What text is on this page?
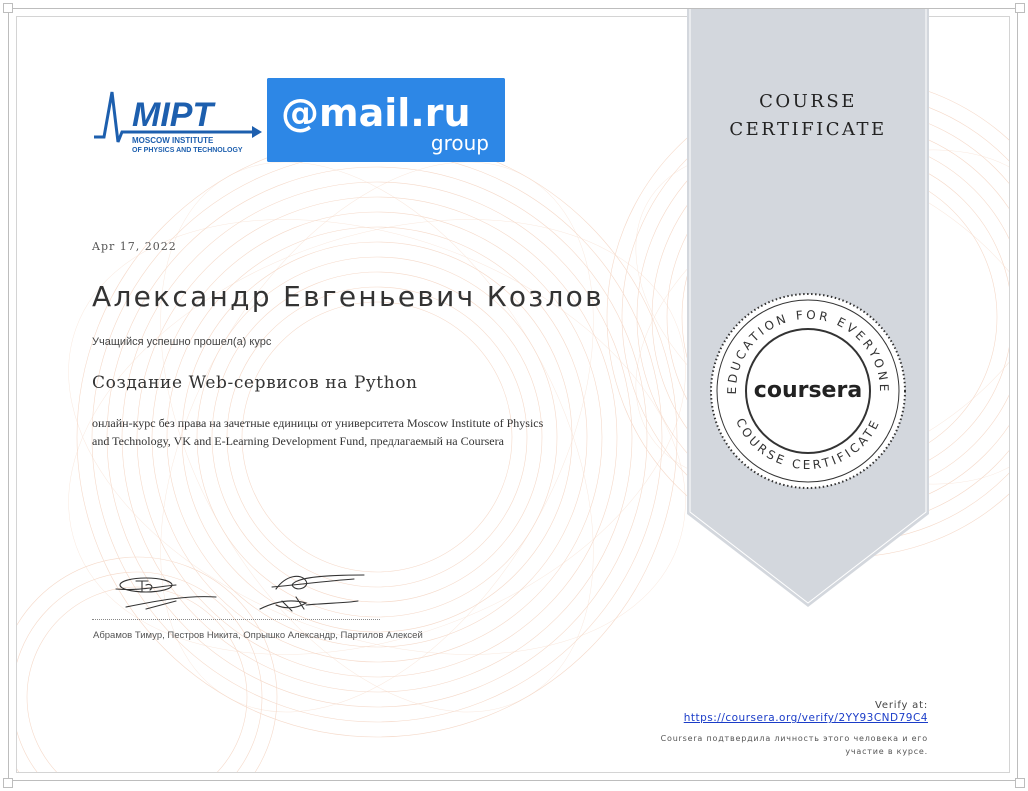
COURSE
CERTIFICATE
EDUCATION FOR EVERYONE
COURSE CERTIFICATE
coursera
MIPT
MOSCOW INSTITUTE
OF PHYSICS AND TECHNOLOGY
@mail.ru
group
Apr 17, 2022
Александр Евгеньевич Козлов
Учащийся успешно прошел(а) курс
Создание Web-сервисов на Python
онлайн-курс без права на зачетные единицы от университета Moscow Institute of Physics and Technology, VK and E-Learning Development Fund, предлагаемый на Coursera
Абрамов Тимур, Пестров Никита, Опрышко Александр, Партилов Алексей
Verify at:
https://coursera.org/verify/2YY93CND79C4
Coursera подтвердила личность этого человека и его
участие в курсе.
